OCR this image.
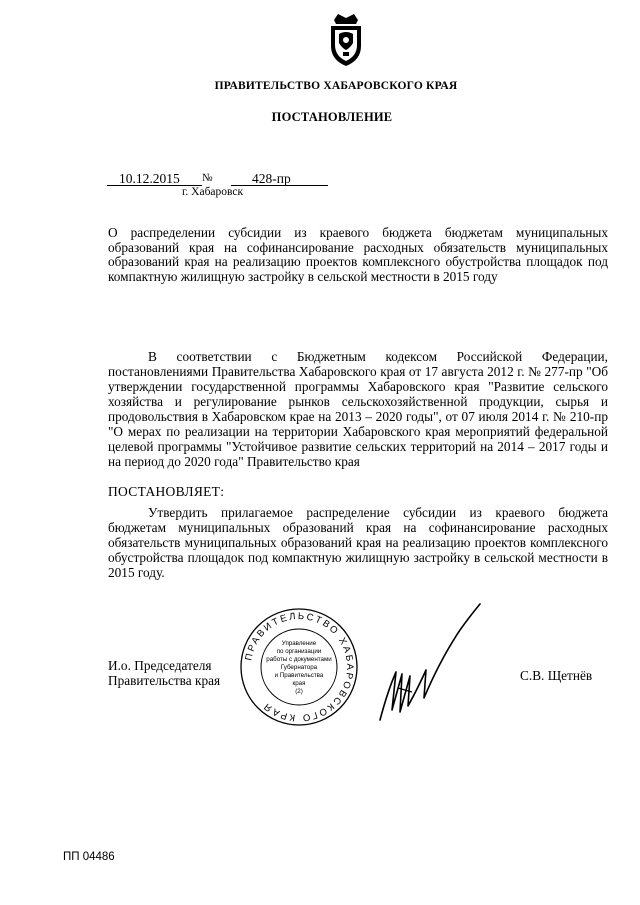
ПРАВИТЕЛЬСТВО ХАБАРОВСКОГО КРАЯ
ПОСТАНОВЛЕНИЕ
10.12.2015 №	428-пр
г. Хабаровск
О распределении субсидии из краевого бюджета бюджетам муниципальных образований края на софинансирование расходных обязательств муниципальных образований края на реализацию проектов комплексного обустройства площадок под компактную жилищную застройку в сельской местности в 2015 году
В соответствии с Бюджетным кодексом Российской Федерации, постановлениями Правительства Хабаровского края от 17 августа 2012 г. № 277-пр "Об утверждении государственной программы Хабаровского края "Развитие сельского хозяйства и регулирование рынков сельскохозяйственной продукции, сырья и продовольствия в Хабаровском крае на 2013 – 2020 годы", от 07 июля 2014 г. № 210-пр "О мерах по реализации на территории Хабаровского края мероприятий федеральной целевой программы "Устойчивое развитие сельских территорий на 2014 – 2017 годы и на период до 2020 года" Правительство края
ПОСТАНОВЛЯЕТ:
Утвердить прилагаемое распределение субсидии из краевого бюджета бюджетам муниципальных образований края на софинансирование расходных обязательств муниципальных образований края на реализацию проектов комплексного обустройства площадок под компактную жилищную застройку в сельской местности в 2015 году.
И.о. Председателя
Правительства края
ПРАВИТЕЛЬСТВО ХАБАРОВСКОГО КРАЯ
Управление
по организации
работы с документами
Губернатора
и Правительства
края
(2)
С.В. Щетнёв
ПП 04486
